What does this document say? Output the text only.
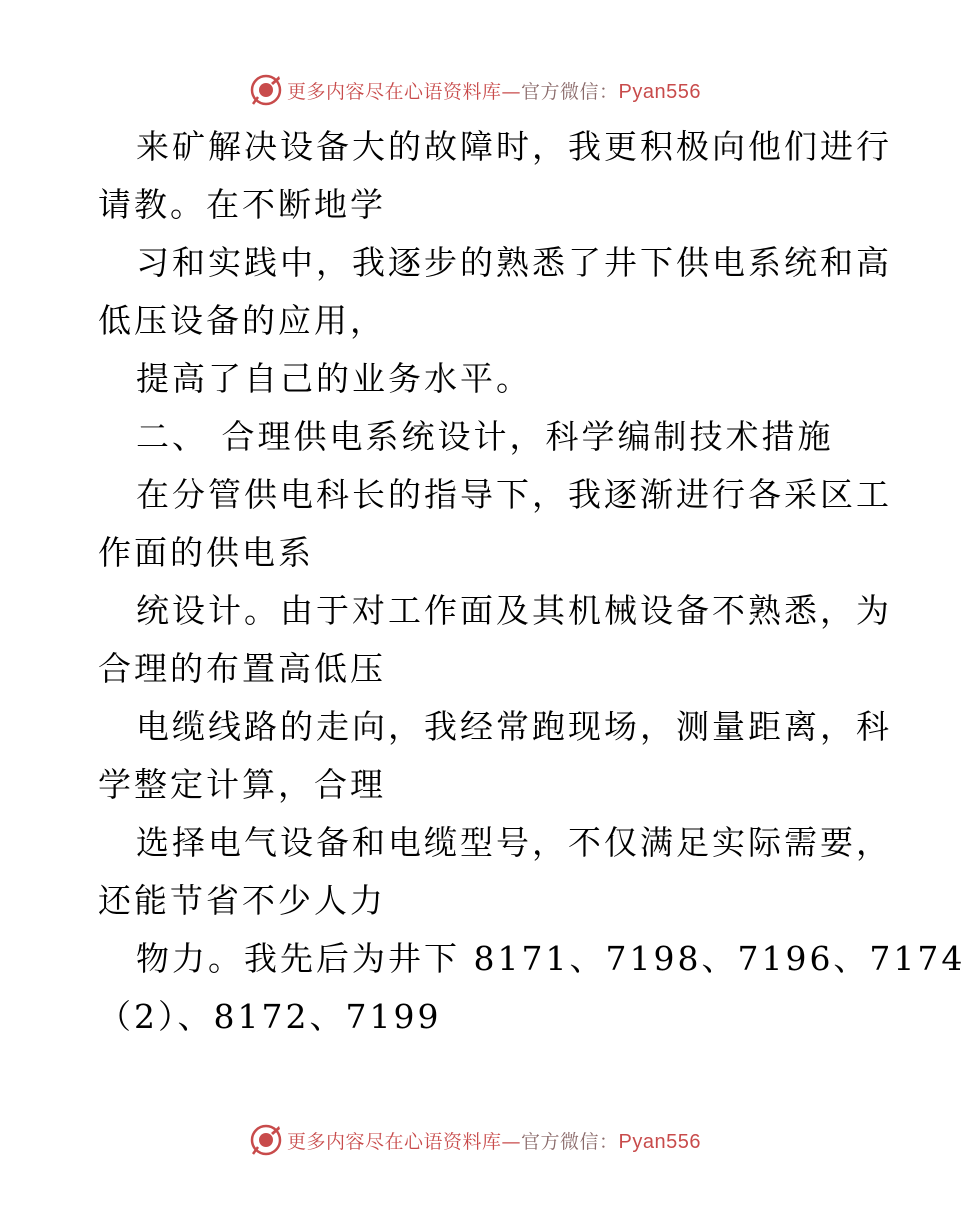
更多内容尽在心语资料库—官方微信：Pyan556
来矿解决设备大的故障时，我更积极向他们进行
请教。在不断地学
习和实践中，我逐步的熟悉了井下供电系统和高
低压设备的应用，
提高了自己的业务水平。
二、 合理供电系统设计，科学编制技术措施
在分管供电科长的指导下，我逐渐进行各采区工
作面的供电系
统设计。由于对工作面及其机械设备不熟悉，为
合理的布置高低压
电缆线路的走向，我经常跑现场，测量距离，科
学整定计算，合理
选择电气设备和电缆型号，不仅满足实际需要，
还能节省不少人力
物力。我先后为井下 8171、7198、7196、7174
（2）、8172、7199
更多内容尽在心语资料库—官方微信：Pyan556
